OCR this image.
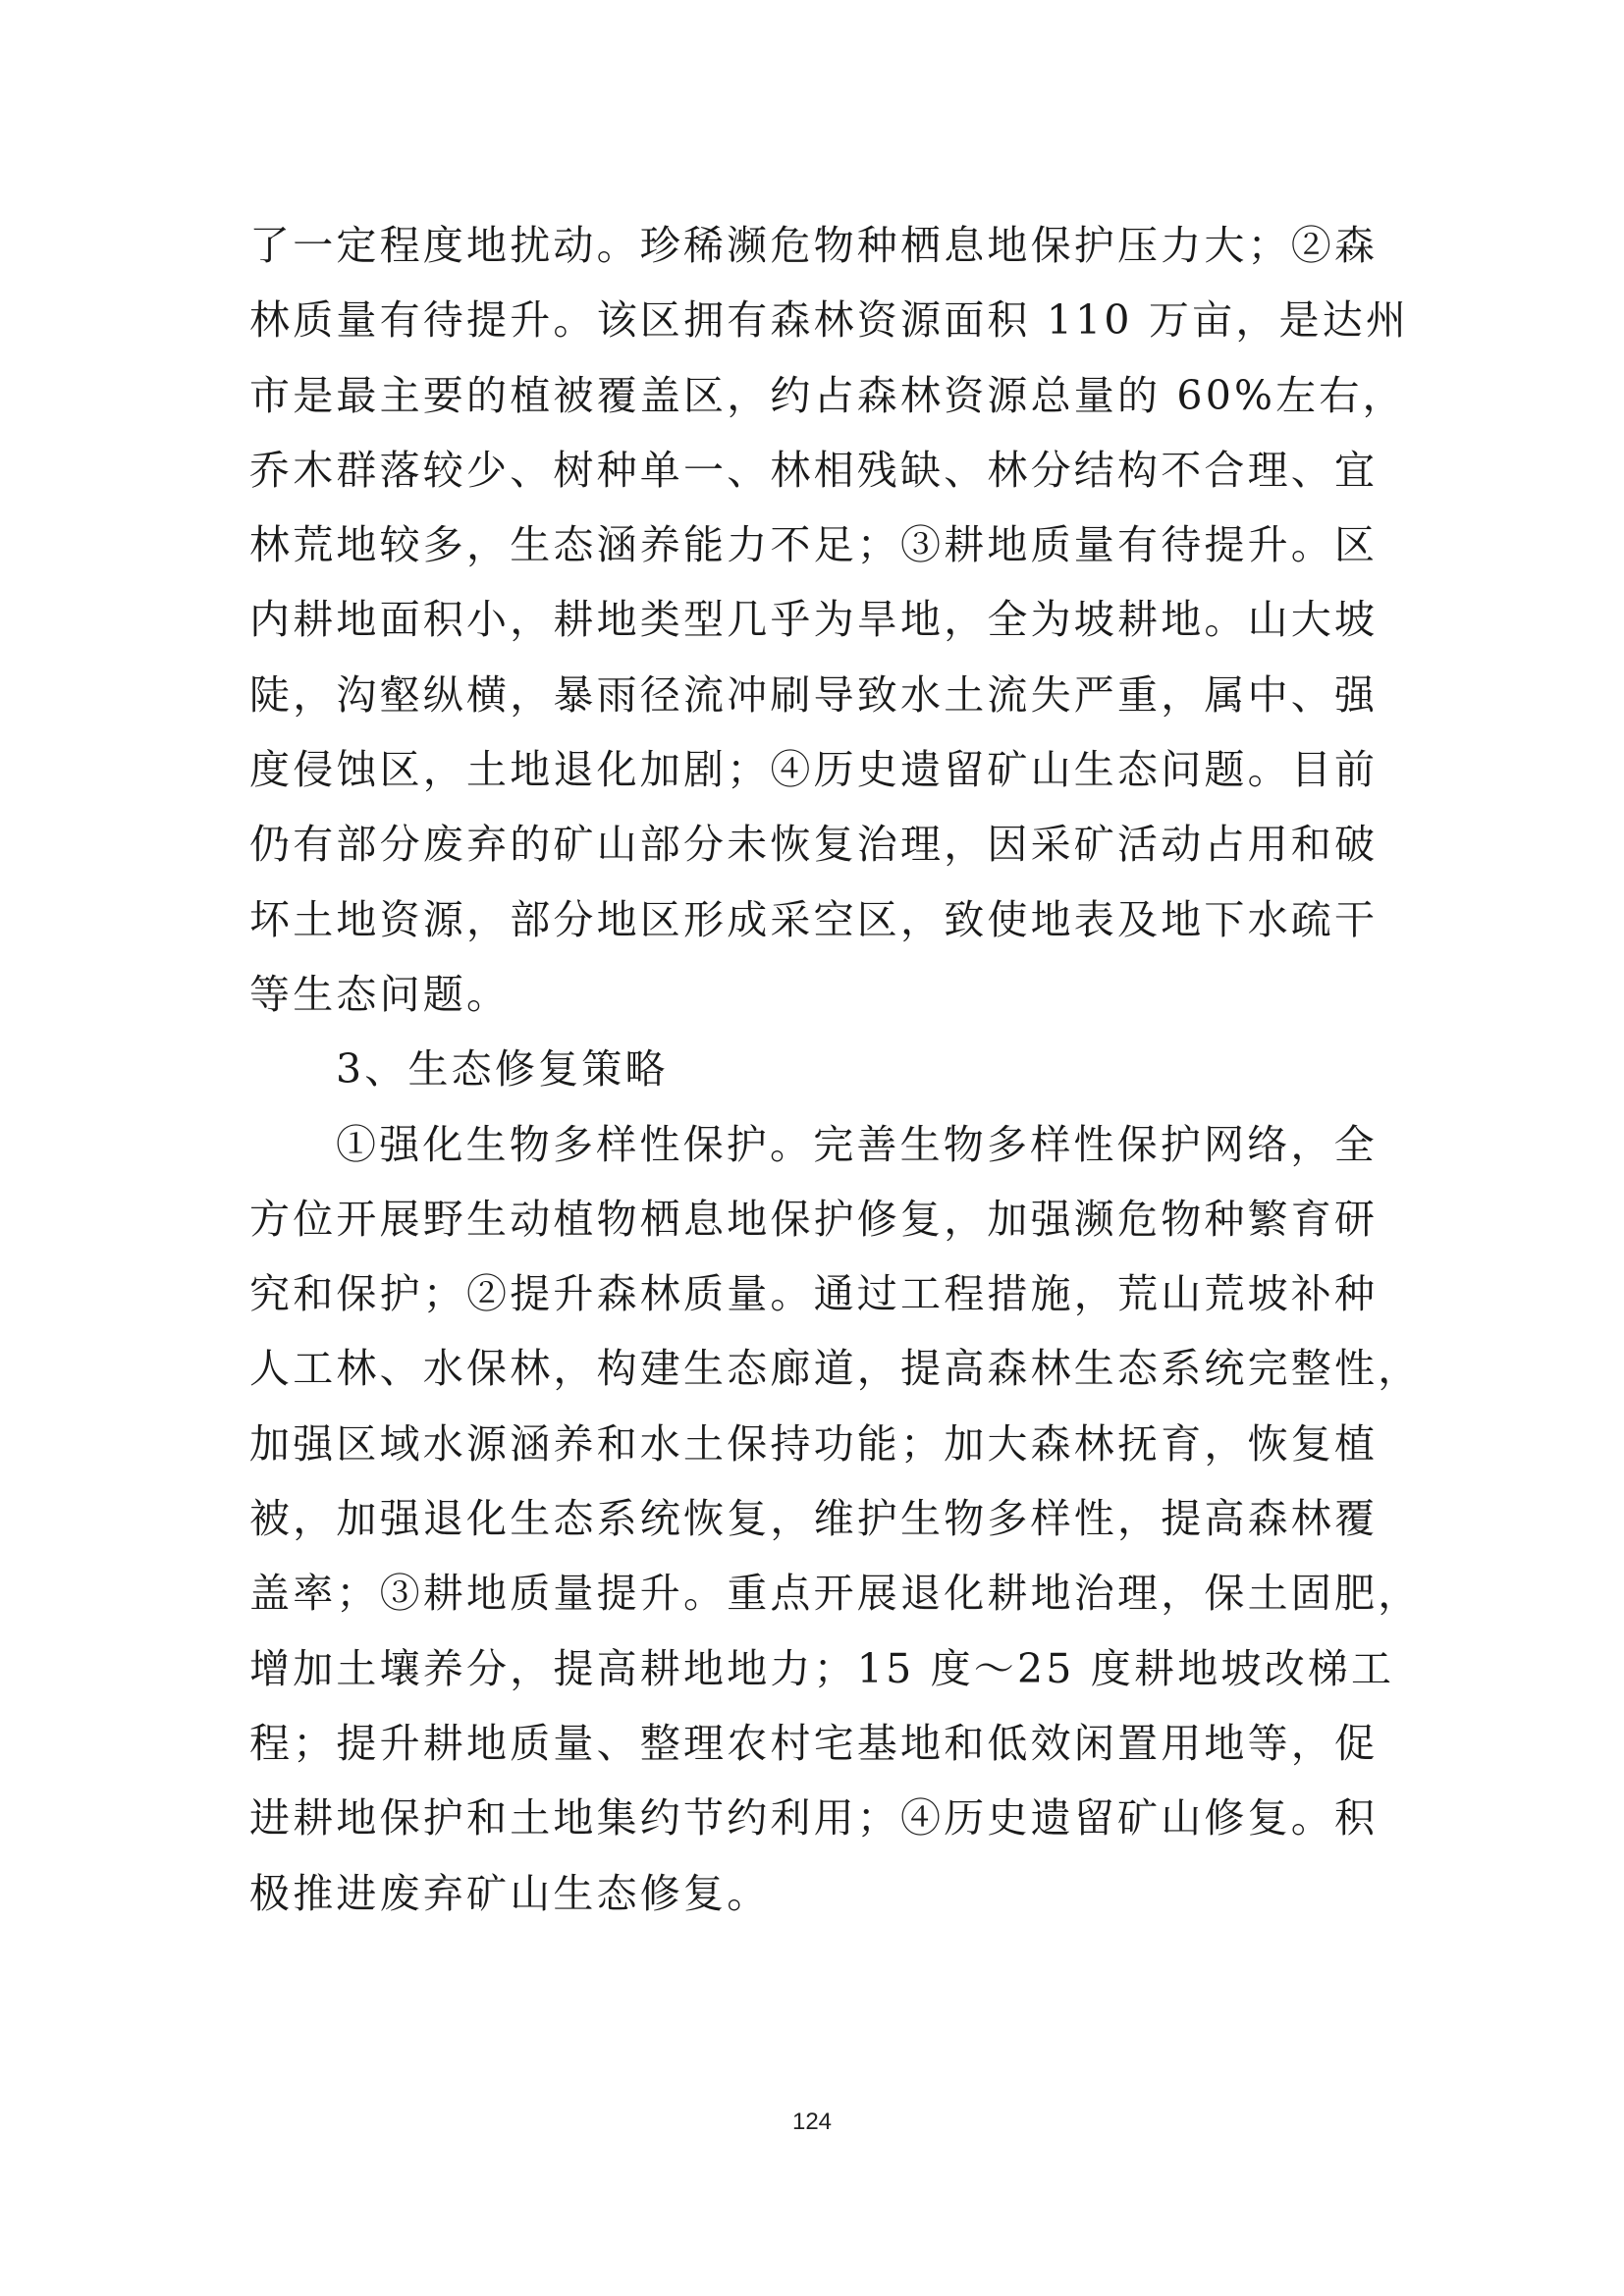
了一定程度地扰动。珍稀濒危物种栖息地保护压力大；②森
林质量有待提升。该区拥有森林资源面积 110 万亩，是达州
市是最主要的植被覆盖区，约占森林资源总量的 60%左右，
乔木群落较少、树种单一、林相残缺、林分结构不合理、宜
林荒地较多，生态涵养能力不足；③耕地质量有待提升。区
内耕地面积小，耕地类型几乎为旱地，全为坡耕地。山大坡
陡，沟壑纵横，暴雨径流冲刷导致水土流失严重，属中、强
度侵蚀区，土地退化加剧；④历史遗留矿山生态问题。目前
仍有部分废弃的矿山部分未恢复治理，因采矿活动占用和破
坏土地资源，部分地区形成采空区，致使地表及地下水疏干
等生态问题。
3、生态修复策略
①强化生物多样性保护。完善生物多样性保护网络，全
方位开展野生动植物栖息地保护修复，加强濒危物种繁育研
究和保护；②提升森林质量。通过工程措施，荒山荒坡补种
人工林、水保林，构建生态廊道，提高森林生态系统完整性，
加强区域水源涵养和水土保持功能；加大森林抚育，恢复植
被，加强退化生态系统恢复，维护生物多样性，提高森林覆
盖率；③耕地质量提升。重点开展退化耕地治理，保土固肥，
增加土壤养分，提高耕地地力；15 度～25 度耕地坡改梯工
程；提升耕地质量、整理农村宅基地和低效闲置用地等，促
进耕地保护和土地集约节约利用；④历史遗留矿山修复。积
极推进废弃矿山生态修复。
124
